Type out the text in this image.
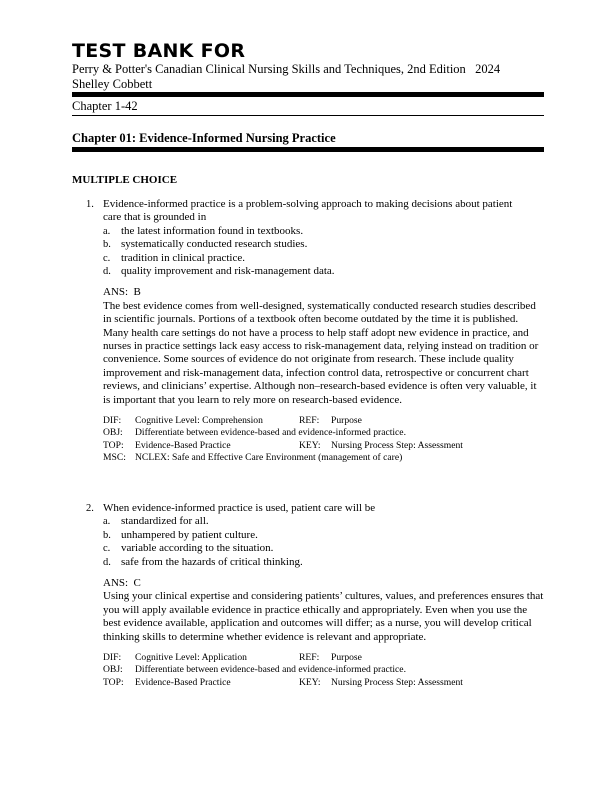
TEST BANK FOR
Perry & Potter's Canadian Clinical Nursing Skills and Techniques, 2nd Edition   2024
Shelley Cobbett
Chapter 1-42
Chapter 01: Evidence-Informed Nursing Practice
MULTIPLE CHOICE
1. Evidence-informed practice is a problem-solving approach to making decisions about patient care that is grounded in
a. the latest information found in textbooks.
b. systematically conducted research studies.
c. tradition in clinical practice.
d. quality improvement and risk-management data.
ANS:  B
The best evidence comes from well-designed, systematically conducted research studies described in scientific journals. Portions of a textbook often become outdated by the time it is published. Many health care settings do not have a process to help staff adopt new evidence in practice, and nurses in practice settings lack easy access to risk-management data, relying instead on tradition or convenience. Some sources of evidence do not originate from research. These include quality improvement and risk-management data, infection control data, retrospective or concurrent chart reviews, and clinicians’ expertise. Although non–research-based evidence is often very valuable, it is important that you learn to rely more on research-based evidence.
DIF: Cognitive Level: Comprehension	REF: Purpose
OBJ: Differentiate between evidence-based and evidence-informed practice.
TOP: Evidence-Based Practice	KEY: Nursing Process Step: Assessment
MSC: NCLEX: Safe and Effective Care Environment (management of care)
2. When evidence-informed practice is used, patient care will be
a. standardized for all.
b. unhampered by patient culture.
c. variable according to the situation.
d. safe from the hazards of critical thinking.
ANS:  C
Using your clinical expertise and considering patients’ cultures, values, and preferences ensures that you will apply available evidence in practice ethically and appropriately. Even when you use the best evidence available, application and outcomes will differ; as a nurse, you will develop critical thinking skills to determine whether evidence is relevant and appropriate.
DIF: Cognitive Level: Application	REF: Purpose
OBJ: Differentiate between evidence-based and evidence-informed practice.
TOP: Evidence-Based Practice	KEY: Nursing Process Step: Assessment
